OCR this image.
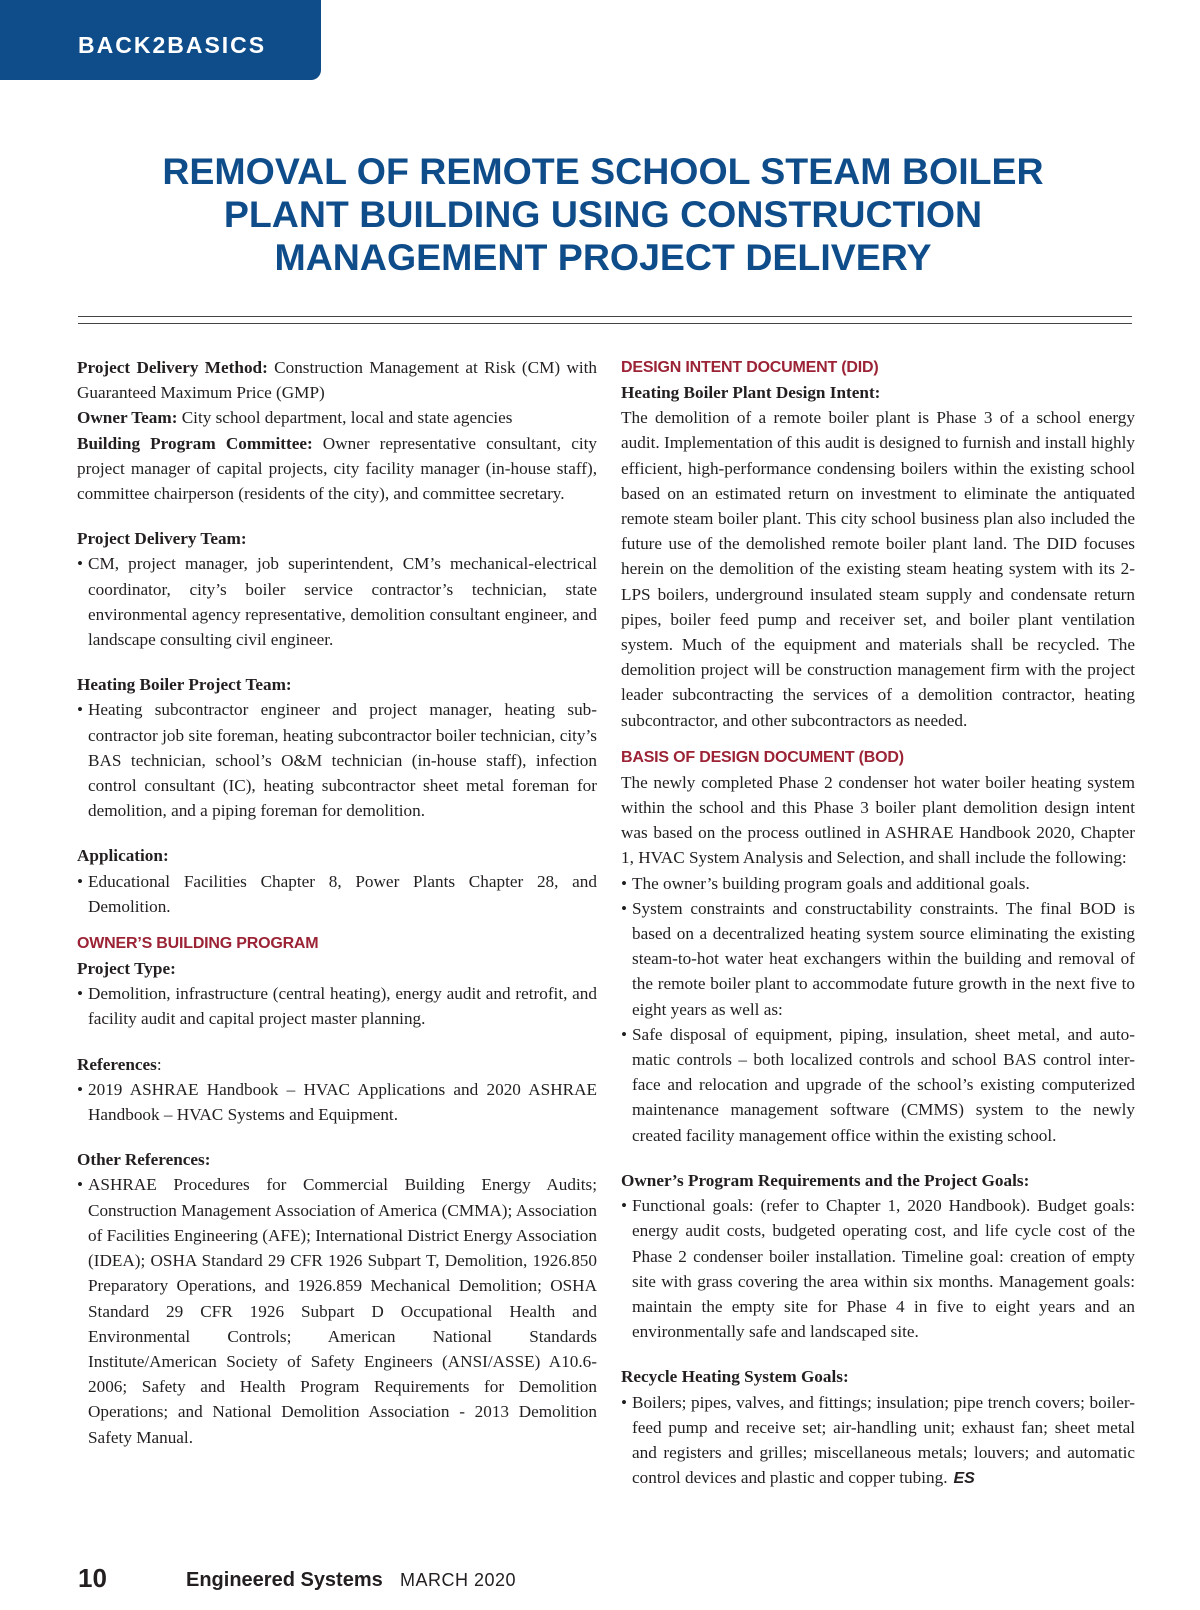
BACK2BASICS
REMOVAL OF REMOTE SCHOOL STEAM BOILER
PLANT BUILDING USING CONSTRUCTION
MANAGEMENT PROJECT DELIVERY

Project Delivery Method: Construction Management at Risk (CM) with Guaranteed Maximum Price (GMP)

Owner Team: City school department, local and state agencies

Building Program Committee: Owner representative consultant, city project manager of capital projects, city facility manager (in-house staff), committee chairperson (residents of the city), and committee secretary.

Project Delivery Team:
• CM, project manager, job superintendent, CM’s mechanical-electrical coordinator, city’s boiler service contractor’s technician, state environmental agency representative, demolition consultant engineer, and landscape consulting civil engineer.
Heating Boiler Project Team:
• Heating subcontractor engineer and project manager, heating sub-contractor job site foreman, heating subcontractor boiler technician, city’s BAS technician, school’s O&M technician (in-house staff), infection control consultant (IC), heating subcontractor sheet metal foreman for demolition, and a piping foreman for demolition.
Application:
• Educational Facilities Chapter 8, Power Plants Chapter 28, and Demolition.
OWNER’S BUILDING PROGRAM
Project Type:
• Demolition, infrastructure (central heating), energy audit and retrofit, and facility audit and capital project master planning.
References:
• 2019 ASHRAE Handbook – HVAC Applications and 2020 ASHRAE Handbook – HVAC Systems and Equipment.
Other References:
• ASHRAE Procedures for Commercial Building Energy Audits; Construction Management Association of America (CMMA); Association of Facilities Engineering (AFE); International District Energy Association (IDEA); OSHA Standard 29 CFR 1926 Subpart T, Demolition, 1926.850 Preparatory Operations, and 1926.859 Mechanical Demolition; OSHA Standard 29 CFR 1926 Subpart D Occupational Health and Environmental Controls; American National Standards Institute/American Society of Safety Engineers (ANSI/ASSE) A10.6-2006; Safety and Health Program Requirements for Demolition Operations; and National Demolition Association - 2013 Demolition Safety Manual.
DESIGN INTENT DOCUMENT (DID)
Heating Boiler Plant Design Intent:

The demolition of a remote boiler plant is Phase 3 of a school energy audit. Implementation of this audit is designed to furnish and install highly efficient, high-performance condensing boilers within the existing school based on an estimated return on investment to eliminate the antiquated remote steam boiler plant. This city school business plan also included the future use of the demolished remote boiler plant land. The DID focuses herein on the demolition of the existing steam heating system with its 2-LPS boilers, underground insulated steam supply and condensate return pipes, boiler feed pump and receiver set, and boiler plant ventilation system. Much of the equipment and materials shall be recycled. The demolition project will be construction management firm with the project leader subcontracting the services of a demolition contractor, heating subcontractor, and other subcontractors as needed.

BASIS OF DESIGN DOCUMENT (BOD)

The newly completed Phase 2 condenser hot water boiler heating system within the school and this Phase 3 boiler plant demolition design intent was based on the process outlined in ASHRAE Handbook 2020, Chapter 1, HVAC System Analysis and Selection, and shall include the following:

• The owner’s building program goals and additional goals.
• System constraints and constructability constraints. The final BOD is based on a decentralized heating system source eliminating the existing steam-to-hot water heat exchangers within the building and removal of the remote boiler plant to accommodate future growth in the next five to eight years as well as:
• Safe disposal of equipment, piping, insulation, sheet metal, and auto-matic controls – both localized controls and school BAS control inter-face and relocation and upgrade of the school’s existing computerized maintenance management software (CMMS) system to the newly created facility management office within the existing school.
Owner’s Program Requirements and the Project Goals:
• Functional goals: (refer to Chapter 1, 2020 Handbook). Budget goals: energy audit costs, budgeted operating cost, and life cycle cost of the Phase 2 condenser boiler installation. Timeline goal: creation of empty site with grass covering the area within six months. Management goals: maintain the empty site for Phase 4 in five to eight years and an environmentally safe and landscaped site.
Recycle Heating System Goals:
• Boilers; pipes, valves, and fittings; insulation; pipe trench covers; boiler-feed pump and receive set; air-handling unit; exhaust fan; sheet metal and registers and grilles; miscellaneous metals; louvers; and automatic control devices and plastic and copper tubing. ES
10	Engineered Systems MARCH 2020
